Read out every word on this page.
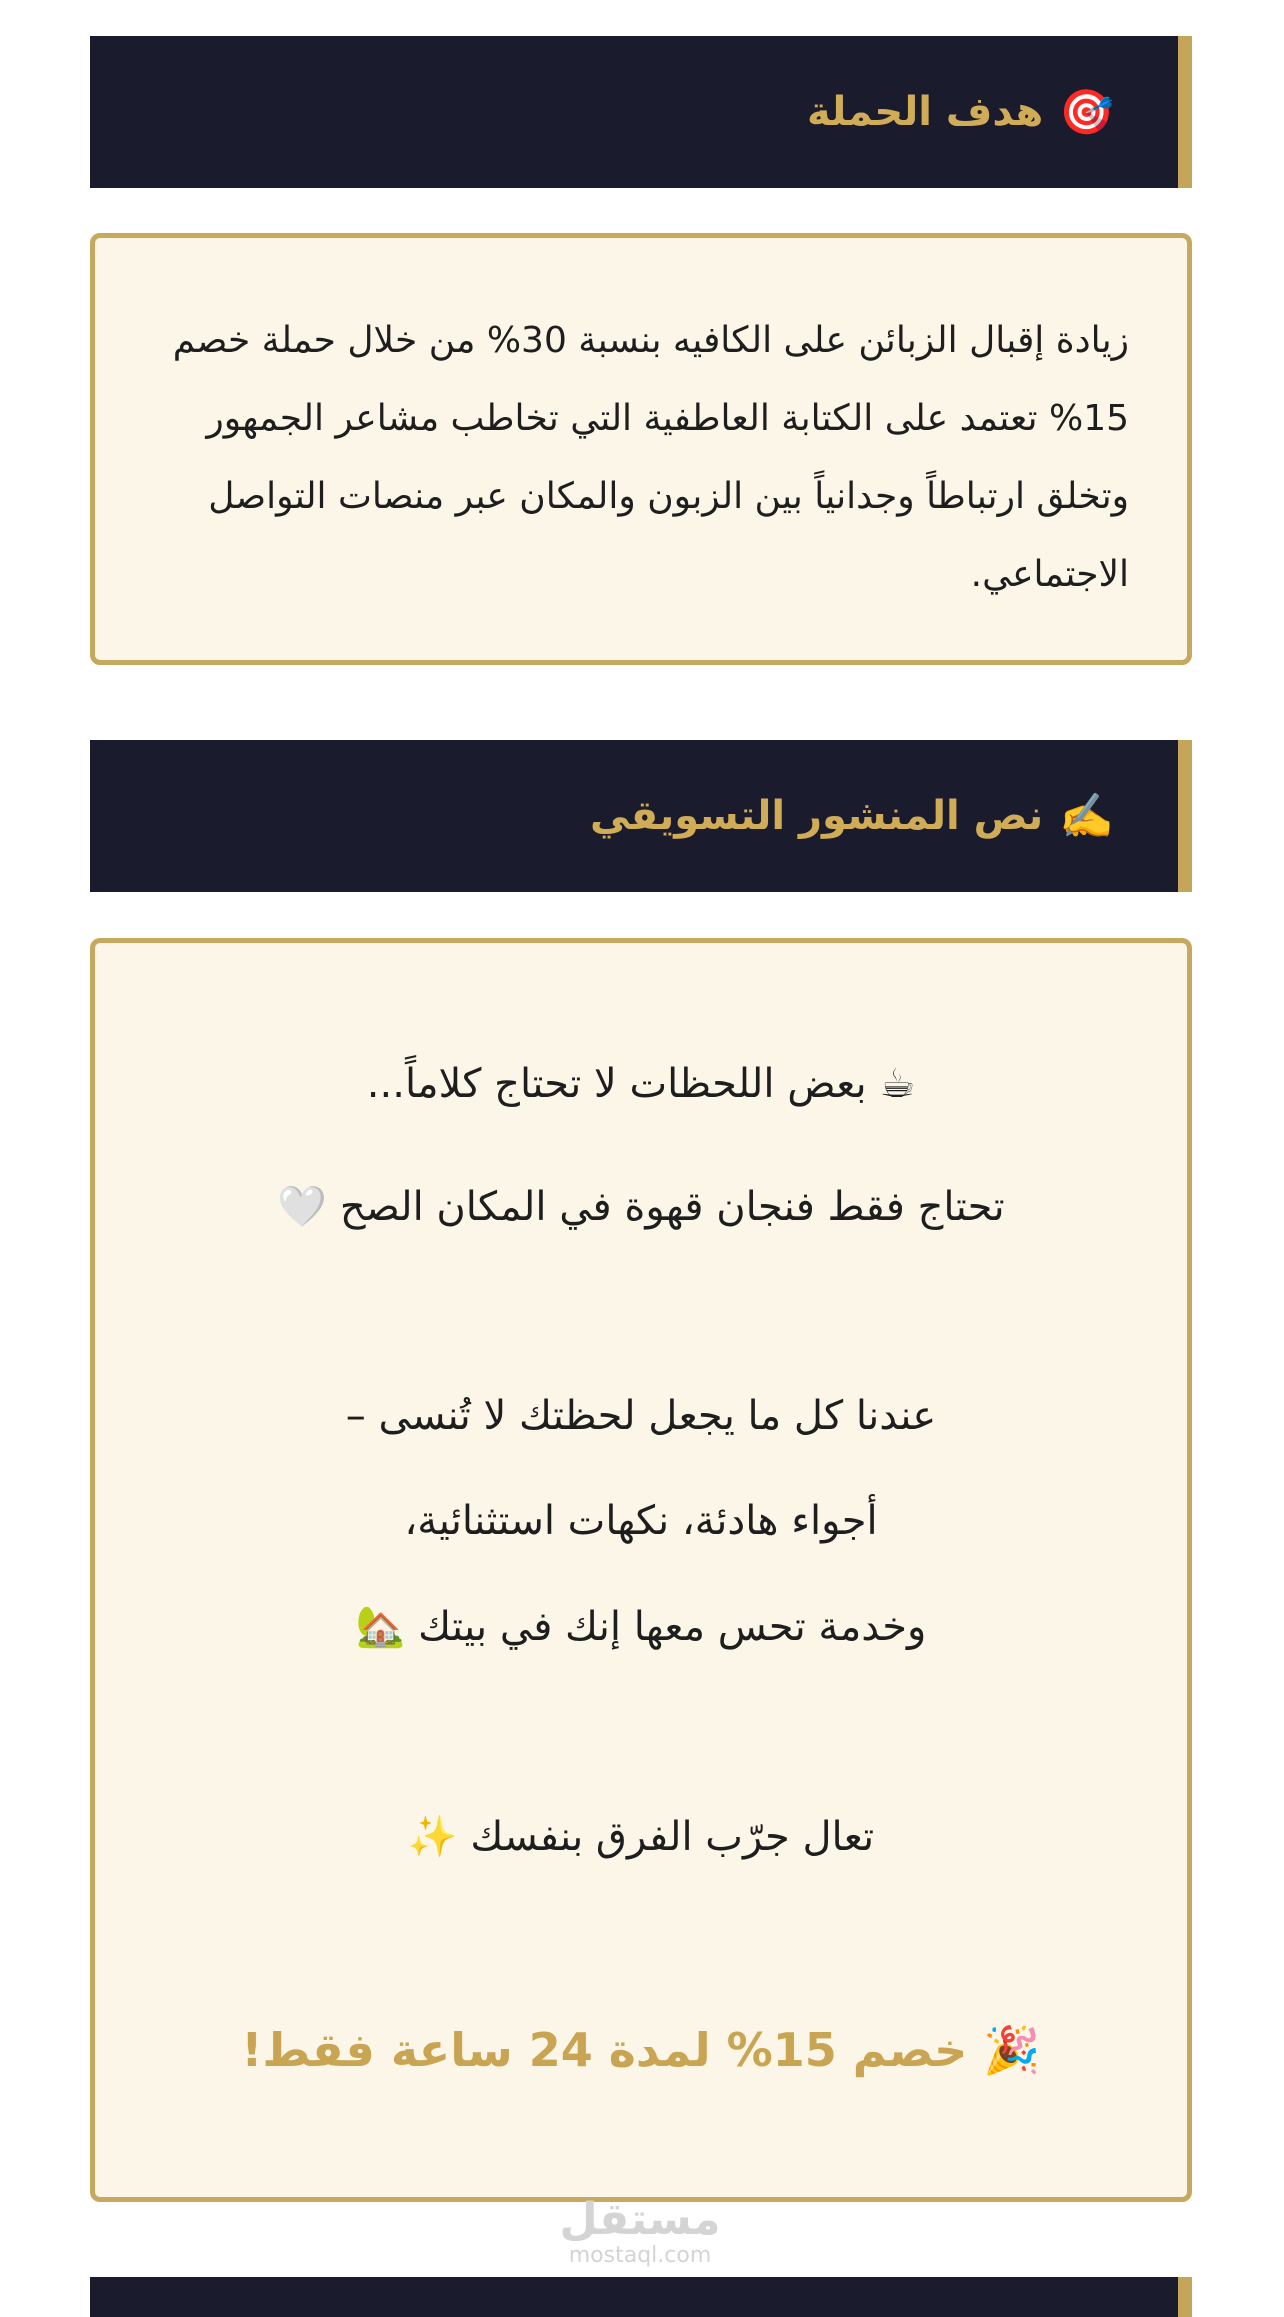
🎯
هدف الحملة

زيادة إقبال الزبائن على الكافيه بنسبة 30% من خلال حملة خصم 15% تعتمد على الكتابة العاطفية التي تخاطب مشاعر الجمهور وتخلق ارتباطاً وجدانياً بين الزبون والمكان عبر منصات التواصل الاجتماعي.

✍️
نص المنشور التسويقي
☕ بعض اللحظات لا تحتاج كلاماً...
تحتاج فقط فنجان قهوة في المكان الصح 🤍
عندنا كل ما يجعل لحظتك لا تُنسى –
أجواء هادئة، نكهات استثنائية،
وخدمة تحس معها إنك في بيتك 🏡
تعال جرّب الفرق بنفسك ✨
🎉 خصم 15% لمدة 24 ساعة فقط!
مستقل
mostaql.com
